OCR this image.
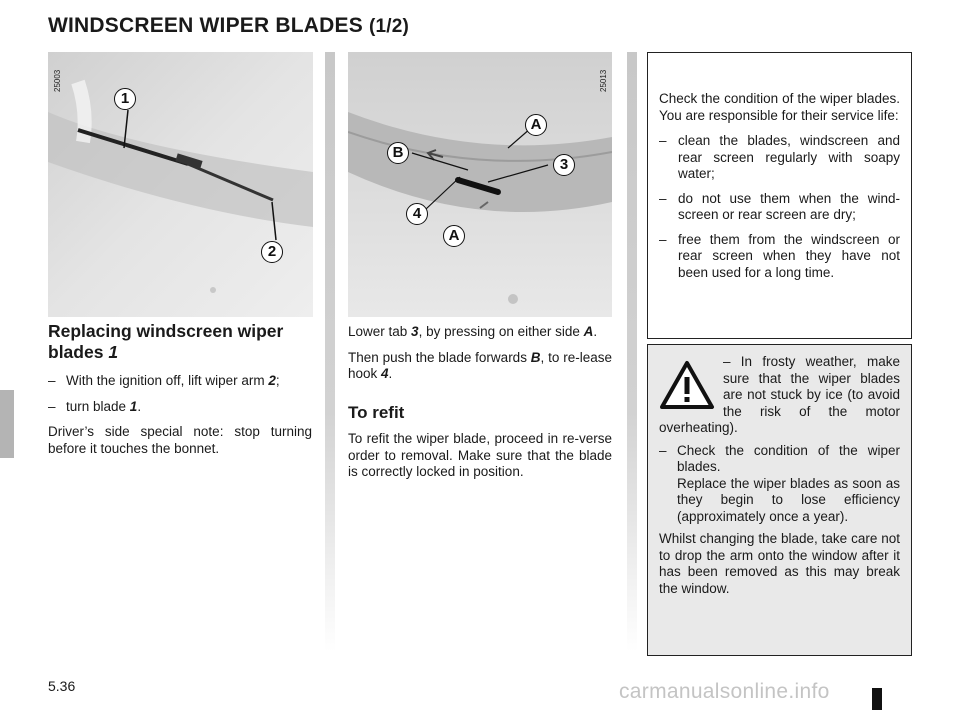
WINDSCREEN WIPER BLADES (1/2)
25003
1
2
25013
A
B
3
4
A
Replacing windscreen wiper blades 1
– With the ignition off, lift wiper arm 2;
– turn blade 1.

Driver’s side special note: stop turning before it touches the bonnet.

Lower tab 3, by pressing on either side A.

Then push the blade forwards B, to re-lease hook 4.

To refit

To refit the wiper blade, proceed in re-verse order to removal. Make sure that the blade is correctly locked in position.

Check the condition of the wiper blades. You are responsible for their service life:

– clean the blades, windscreen and rear screen regularly with soapy water;
– do not use them when the wind-screen or rear screen are dry;
– free them from the windscreen or rear screen when they have not been used for a long time.

– In frosty weather, make sure that the wiper blades are not stuck by ice (to avoid the risk of the motor overheating).

– Check the condition of the wiper blades.
Replace the wiper blades as soon as they begin to lose efficiency (approximately once a year).

Whilst changing the blade, take care not to drop the arm onto the window after it has been removed as this may break the window.

5.36	carmanualsonline.info
